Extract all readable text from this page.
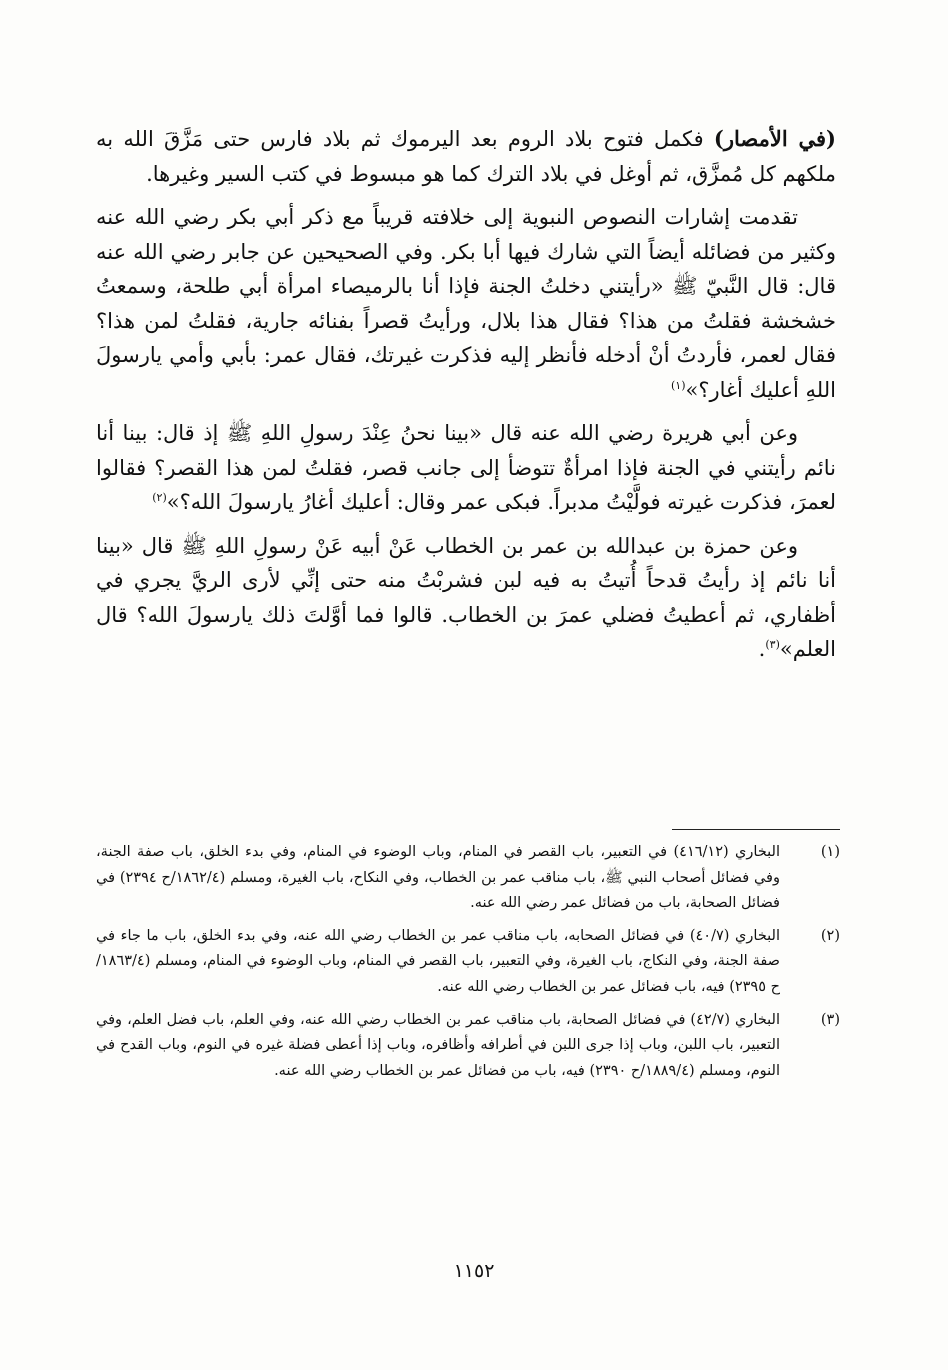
(في الأمصار) فكمل فتوح بلاد الروم بعد اليرموك ثم بلاد فارس حتى مَزَّقَ الله به ملكهم كل مُمزَّق، ثم أوغل في بلاد الترك كما هو مبسوط في كتب السير وغيرها.

تقدمت إشارات النصوص النبوية إلى خلافته قريباً مع ذكر أبي بكر رضي الله عنه وكثير من فضائله أيضاً التي شارك فيها أبا بكر. وفي الصحيحين عن جابر رضي الله عنه قال: قال النَّبيّ ﷺ «رأيتني دخلتُ الجنة فإذا أنا بالرميصاء امرأة أبي طلحة، وسمعتُ خشخشة فقلتُ من هذا؟ فقال هذا بلال، ورأيتُ قصراً بفنائه جارية، فقلتُ لمن هذا؟ فقال لعمر، فأردتُ أنْ أدخله فأنظر إليه فذكرت غيرتك، فقال عمر: بأبي وأمي يارسولَ اللهِ أعليك أغار؟»$^{(١)}$

وعن أبي هريرة رضي الله عنه قال «بينا نحنُ عِنْدَ رسولِ اللهِ ﷺ إذ قال: بينا أنا نائم رأيتني في الجنة فإذا امرأةٌ تتوضأ إلى جانب قصر، فقلتُ لمن هذا القصر؟ فقالوا لعمرَ، فذكرت غيرته فولَّيْتُ مدبراً. فبكى عمر وقال: أعليك أغارُ يارسولَ الله؟»$^{(٢)}$

وعن حمزة بن عبدالله بن عمر بن الخطاب عَنْ أبيه عَنْ رسولِ اللهِ ﷺ قال «بينا أنا نائم إذ رأيتُ قدحاً أُتيتُ به فيه لبن فشربْتُ منه حتى إنِّي لأرى الريَّ يجري في أظفاري، ثم أعطيتُ فضلي عمرَ بن الخطاب. قالوا فما أوَّلتَ ذلك يارسولَ الله؟ قال العلم»$^{(٣)}$.

(١)
البخاري (٤١٦/١٢) في التعبير، باب القصر في المنام، وباب الوضوء في المنام، وفي بدء الخلق، باب صفة الجنة، وفي فضائل أصحاب النبي ﷺ، باب مناقب عمر بن الخطاب، وفي النكاح، باب الغيرة، ومسلم (١٨٦٢/٤/ح ٢٣٩٤) في فضائل الصحابة، باب من فضائل عمر رضي الله عنه.
(٢)
البخاري (٤٠/٧) في فضائل الصحابه، باب مناقب عمر بن الخطاب رضي الله عنه، وفي بدء الخلق، باب ما جاء في صفة الجنة، وفي النكاج، باب الغيرة، وفي التعبير، باب القصر في المنام، وباب الوضوء في المنام، ومسلم (١٨٦٣/٤/ح ٢٣٩٥) فيه، باب فضائل عمر بن الخطاب رضي الله عنه.
(٣)
البخاري (٤٢/٧) في فضائل الصحابة، باب مناقب عمر بن الخطاب رضي الله عنه، وفي العلم، باب فضل العلم، وفي التعبير، باب اللبن، وباب إذا جرى اللبن في أطرافه وأظافره، وباب إذا أعطى فضلة غيره في النوم، وباب القدح في النوم، ومسلم (١٨٨٩/٤/ح ٢٣٩٠) فيه، باب من فضائل عمر بن الخطاب رضي الله عنه.
١١٥٢
